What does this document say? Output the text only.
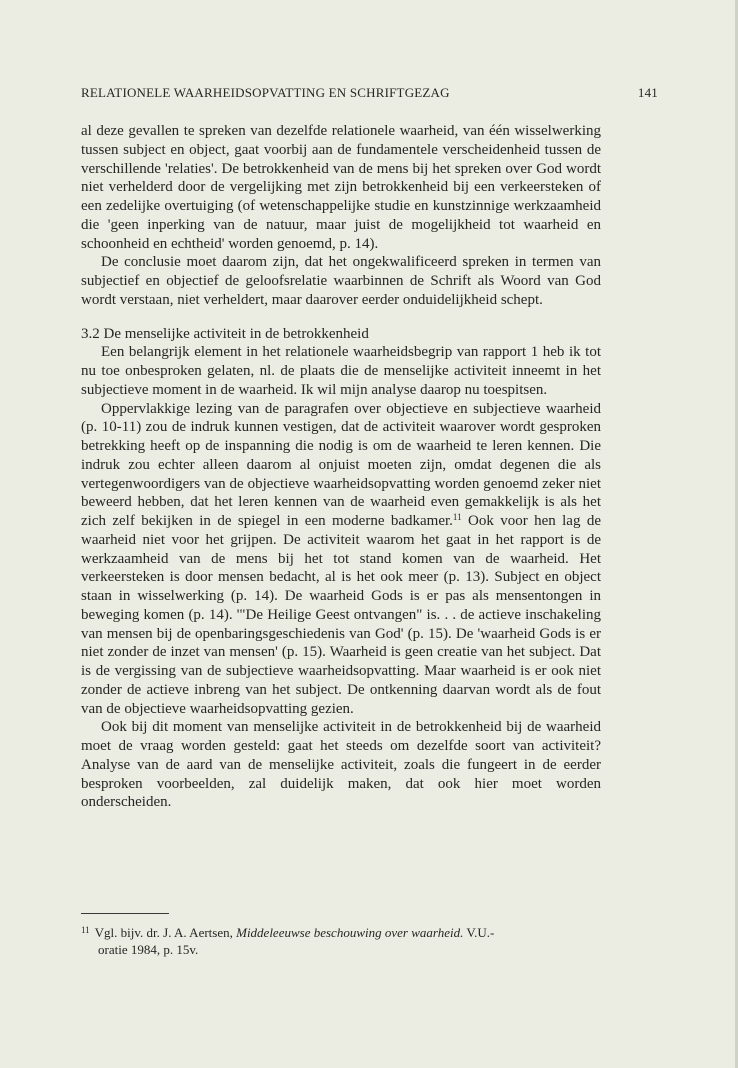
RELATIONELE WAARHEIDSOPVATTING EN SCHRIFTGEZAG	141

al deze gevallen te spreken van dezelfde relationele waarheid, van één wisselwerking tussen subject en object, gaat voorbij aan de fundamentele verscheidenheid tussen de verschillende 'relaties'. De betrokkenheid van de mens bij het spreken over God wordt niet verhelderd door de vergelijking met zijn betrokkenheid bij een verkeersteken of een zedelijke overtuiging (of wetenschappelijke studie en kunstzinnige werkzaamheid die 'geen inperking van de natuur, maar juist de mogelijkheid tot waarheid en schoonheid en echtheid' worden genoemd, p. 14).

De conclusie moet daarom zijn, dat het ongekwalificeerd spreken in termen van subjectief en objectief de geloofsrelatie waarbinnen de Schrift als Woord van God wordt verstaan, niet verheldert, maar daarover eerder onduidelijkheid schept.

3.2 De menselijke activiteit in de betrokkenheid

Een belangrijk element in het relationele waarheidsbegrip van rapport 1 heb ik tot nu toe onbesproken gelaten, nl. de plaats die de menselijke activiteit inneemt in het subjectieve moment in de waarheid. Ik wil mijn analyse daarop nu toespitsen.

Oppervlakkige lezing van de paragrafen over objectieve en subjectieve waarheid (p. 10-11) zou de indruk kunnen vestigen, dat de activiteit waarover wordt gesproken betrekking heeft op de inspanning die nodig is om de waarheid te leren kennen. Die indruk zou echter alleen daarom al onjuist moeten zijn, omdat degenen die als vertegenwoordigers van de objectieve waarheidsopvatting worden genoemd zeker niet beweerd hebben, dat het leren kennen van de waarheid even gemakkelijk is als het zich zelf bekijken in de spiegel in een moderne badkamer.$^{11}$ Ook voor hen lag de waarheid niet voor het grijpen. De activiteit waarom het gaat in het rapport is de werkzaamheid van de mens bij het tot stand komen van de waarheid. Het verkeersteken is door mensen bedacht, al is het ook meer (p. 13). Subject en object staan in wisselwerking (p. 14). De waarheid Gods is er pas als mensentongen in beweging komen (p. 14). '"De Heilige Geest ontvangen" is. . . de actieve inschakeling van mensen bij de openbaringsgeschiedenis van God' (p. 15). De 'waarheid Gods is er niet zonder de inzet van mensen' (p. 15). Waarheid is geen creatie van het subject. Dat is de vergissing van de subjectieve waarheidsopvatting. Maar waarheid is er ook niet zonder de actieve inbreng van het subject. De ontkenning daarvan wordt als de fout van de objectieve waarheidsopvatting gezien.

Ook bij dit moment van menselijke activiteit in de betrokkenheid bij de waarheid moet de vraag worden gesteld: gaat het steeds om dezelfde soort van activiteit? Analyse van de aard van de menselijke activiteit, zoals die fungeert in de eerder besproken voorbeelden, zal duidelijk maken, dat ook hier moet worden onderscheiden.

$^{11}$ Vgl. bijv. dr. J. A. Aertsen, Middeleeuwse beschouwing over waarheid. V.U.-
oratie 1984, p. 15v.
